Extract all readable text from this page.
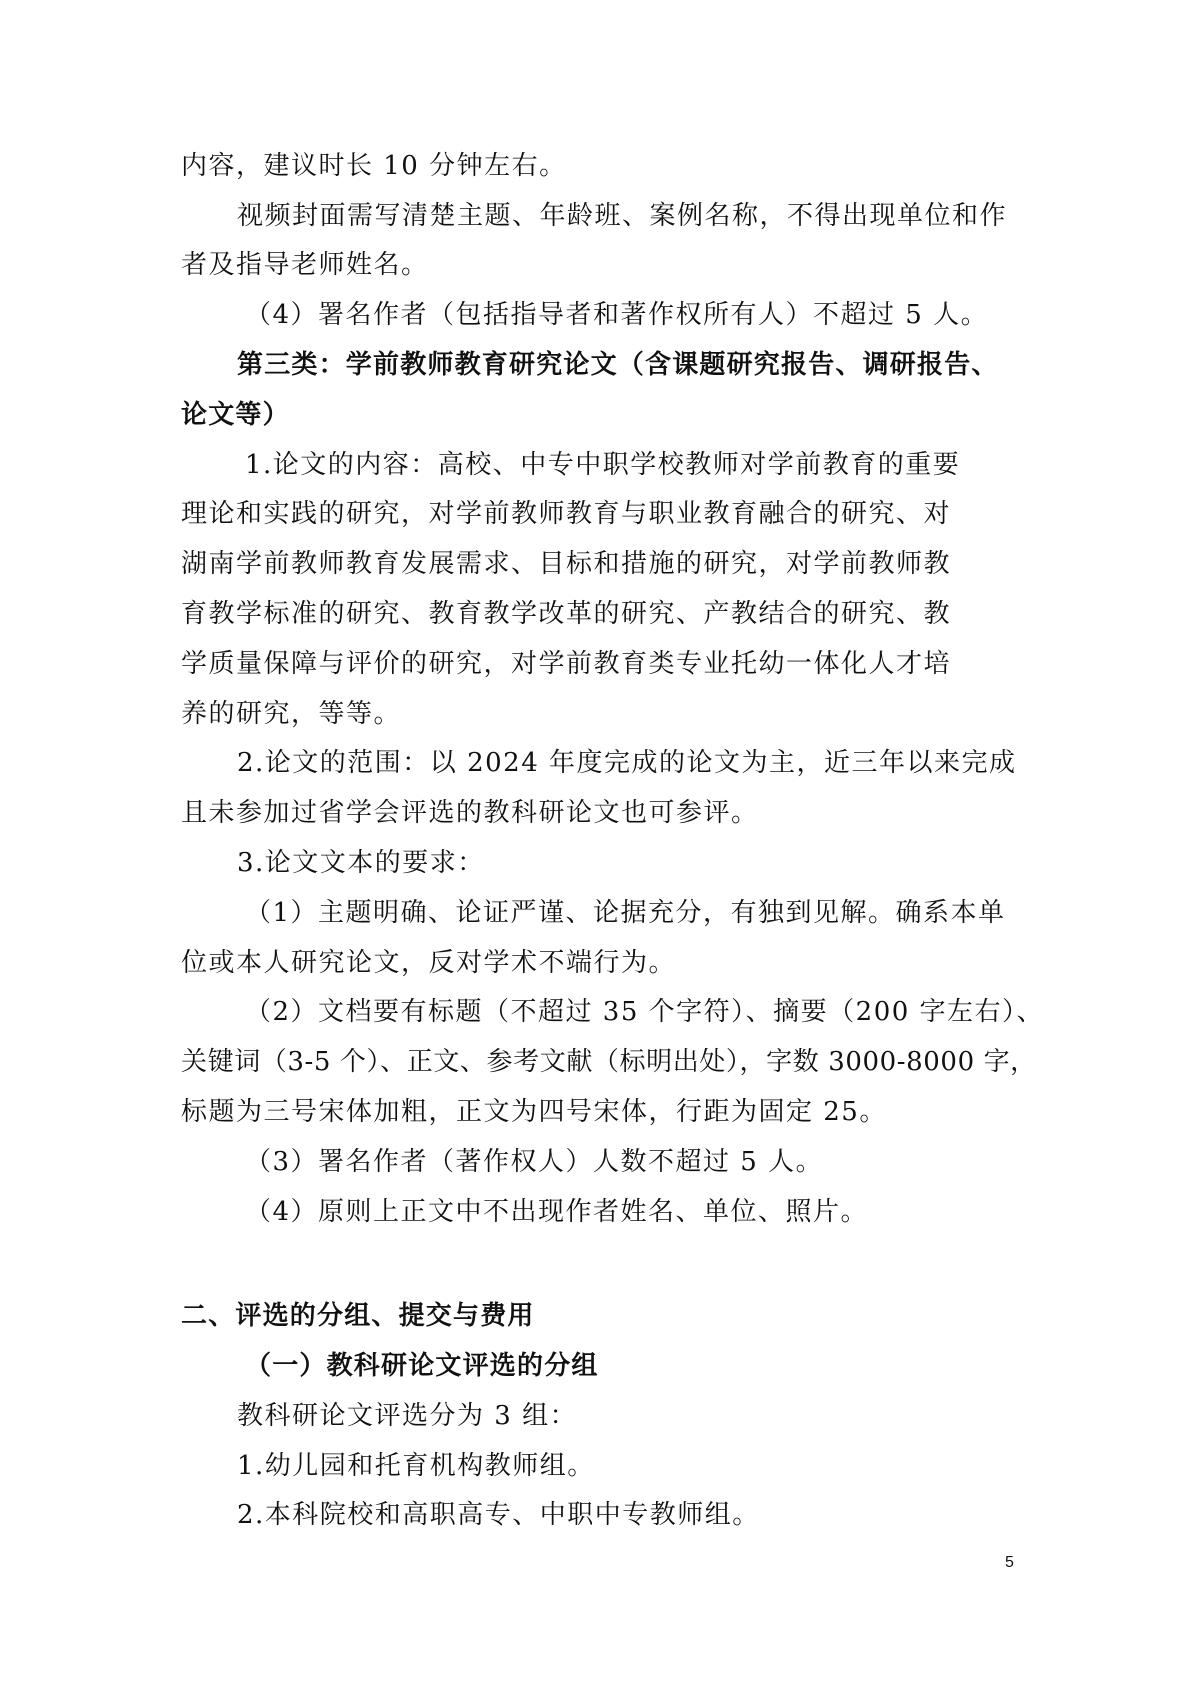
内容，建议时长 10 分钟左右。
视频封面需写清楚主题、年龄班、案例名称，不得出现单位和作
者及指导老师姓名。
（4）署名作者（包括指导者和著作权所有人）不超过 5 人。
第三类：学前教师教育研究论文（含课题研究报告、调研报告、
论文等）
1.论文的内容：高校、中专中职学校教师对学前教育的重要
理论和实践的研究，对学前教师教育与职业教育融合的研究、对
湖南学前教师教育发展需求、目标和措施的研究，对学前教师教
育教学标准的研究、教育教学改革的研究、产教结合的研究、教
学质量保障与评价的研究，对学前教育类专业托幼一体化人才培
养的研究，等等。
2.论文的范围：以 2024 年度完成的论文为主，近三年以来完成
且未参加过省学会评选的教科研论文也可参评。
3.论文文本的要求：
（1）主题明确、论证严谨、论据充分，有独到见解。确系本单
位或本人研究论文，反对学术不端行为。
（2）文档要有标题（不超过 35 个字符）、摘要（200 字左右）、
关键词（3-5 个）、正文、参考文献（标明出处），字数 3000-8000 字，
标题为三号宋体加粗，正文为四号宋体，行距为固定 25。
（3）署名作者（著作权人）人数不超过 5 人。
（4）原则上正文中不出现作者姓名、单位、照片。
二、评选的分组、提交与费用
（一）教科研论文评选的分组
教科研论文评选分为 3 组：
1.幼儿园和托育机构教师组。
2.本科院校和高职高专、中职中专教师组。
5
